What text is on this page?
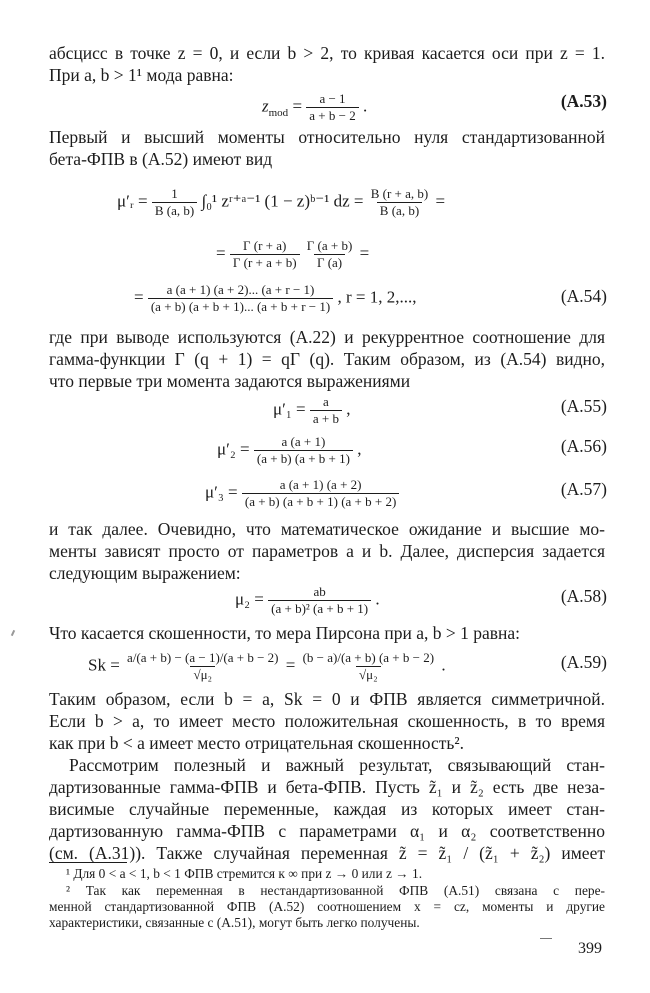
абсцисс в точке z = 0, и если b > 2, то кривая касается оси при z = 1.
При a, b > 1¹ мода равна:
$z_{mod} = \frac{a - 1}{a + b - 2}$ .	(А.53)
Первый и высший моменты относительно нуля стандартизованной
бета-ФПВ в (А.52) имеют вид
μ′ᵣ = $\frac{1}{B (a, b)} \int_0^1$ zʳ⁺ᵃ⁻¹ (1 − z)ᵇ⁻¹ dz = $\frac{B (r + a, b)}{B (a, b)}$ =
= $\frac{\Gamma (r + a)}{\Gamma (r + a + b)}$
$\frac{\Gamma (a + b)}{\Gamma (a)}$ =
= $\frac{a (a + 1) (a + 2)... (a + r - 1)}{(a + b) (a + b + 1)... (a + b + r - 1)}$ , r = 1, 2,...,	(А.54)
где при выводе используются (А.22) и рекуррентное соотношение для
гамма-функции Γ (q + 1) = qΓ (q). Таким образом, из (А.54) видно,
что первые три момента задаются выражениями
$\mu'_1 = \frac{a}{a + b}$ ,	(А.55)
$\mu'_2 = \frac{a (a + 1)}{(a + b) (a + b + 1)}$ ,	(А.56)
$\mu'_3 = \frac{a (a + 1) (a + 2)}{(a + b) (a + b + 1) (a + b + 2)}$	(А.57)
и так далее. Очевидно, что математическое ожидание и высшие мо-
менты зависят просто от параметров a и b. Далее, дисперсия задается
следующим выражением:
$\mu_2 = \frac{ab}{\text{(a + b)² (a + b + 1)}}$ .	(А.58)
Что касается скошенности, то мера Пирсона при a, b > 1 равна:
$Sk = \frac{a/(a + b) - (a - 1)/(a + b - 2)}{\text{√μ₂}} = \frac{(b - a)/(a + b) (a + b - 2)}{\text{√μ₂}}$ .	(А.59)
Таким образом, если b = a, Sk = 0 и ФПВ является симметричной.
Если b > a, то имеет место положительная скошенность, в то время
как при b < a имеет место отрицательная скошенность².
Рассмотрим полезный и важный результат, связывающий стан-
дартизованные гамма-ФПВ и бета-ФПВ. Пусть z̃₁ и z̃₂ есть две неза-
висимые случайные переменные, каждая из которых имеет стан-
дартизованную гамма-ФПВ с параметрами α₁ и α₂ соответственно
(см. (А.31)). Также случайная переменная z̃ = z̃₁ / (z̃₁ + z̃₂) имеет
¹ Для 0 < a < 1, b < 1 ФПВ стремится к ∞ при z → 0 или z → 1.
² Так как переменная в нестандартизованной ФПВ (А.51) связана с пере-
менной стандартизованной ФПВ (А.52) соотношением x = cz, моменты и другие
характеристики, связанные с (А.51), могут быть легко получены.
399
